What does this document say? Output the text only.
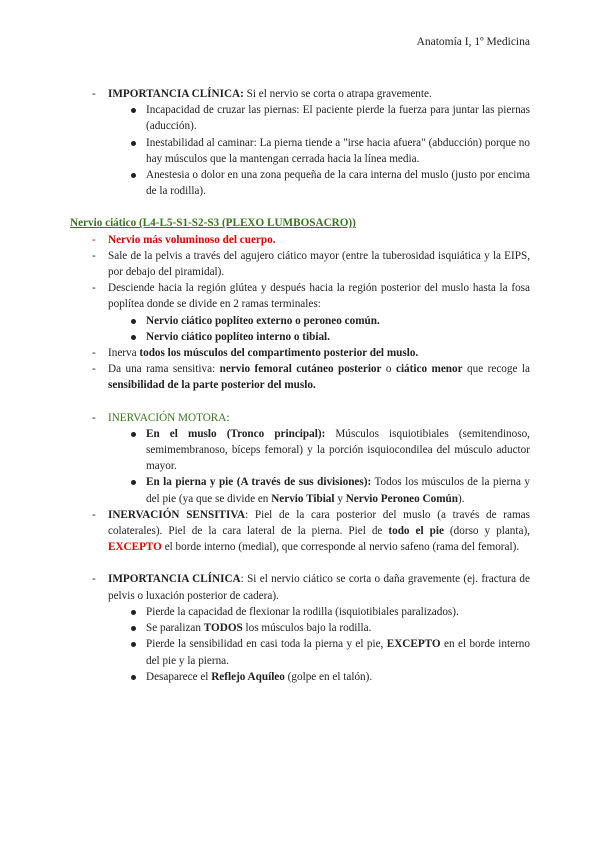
Anatomía I, 1º Medicina
- IMPORTANCIA CLÍNICA: Si el nervio se corta o atrapa gravemente.
Incapacidad de cruzar las piernas: El paciente pierde la fuerza para juntar las piernas (aducción).
Inestabilidad al caminar: La pierna tiende a "irse hacia afuera" (abducción) porque no hay músculos que la mantengan cerrada hacia la línea media.
Anestesia o dolor en una zona pequeña de la cara interna del muslo (justo por encima de la rodilla).
Nervio ciático (L4-L5-S1-S2-S3 (PLEXO LUMBOSACRO))
- Nervio más voluminoso del cuerpo.
- Sale de la pelvis a través del agujero ciático mayor (entre la tuberosidad isquiática y la EIPS, por debajo del piramidal).
- Desciende hacia la región glútea y después hacia la región posterior del muslo hasta la fosa poplítea donde se divide en 2 ramas terminales:
Nervio ciático poplíteo externo o peroneo común.
Nervio ciático poplíteo interno o tibial.
- Inerva todos los músculos del compartimento posterior del muslo.
- Da una rama sensitiva: nervio femoral cutáneo posterior o ciático menor que recoge la sensibilidad de la parte posterior del muslo.
- INERVACIÓN MOTORA:
En el muslo (Tronco principal): Músculos isquiotibiales (semitendinoso, semimembranoso, bíceps femoral) y la porción isquiocondilea del músculo aductor mayor.
En la pierna y pie (A través de sus divisiones): Todos los músculos de la pierna y del pie (ya que se divide en Nervio Tibial y Nervio Peroneo Común).
- INERVACIÓN SENSITIVA: Piel de la cara posterior del muslo (a través de ramas colaterales). Piel de la cara lateral de la pierna. Piel de todo el pie (dorso y planta), EXCEPTO el borde interno (medial), que corresponde al nervio safeno (rama del femoral).
- IMPORTANCIA CLÍNICA: Si el nervio ciático se corta o daña gravemente (ej. fractura de pelvis o luxación posterior de cadera).
Pierde la capacidad de flexionar la rodilla (isquiotibiales paralizados).
Se paralizan TODOS los músculos bajo la rodilla.
Pierde la sensibilidad en casi toda la pierna y el pie, EXCEPTO en el borde interno del pie y la pierna.
Desaparece el Reflejo Aquíleo (golpe en el talón).
